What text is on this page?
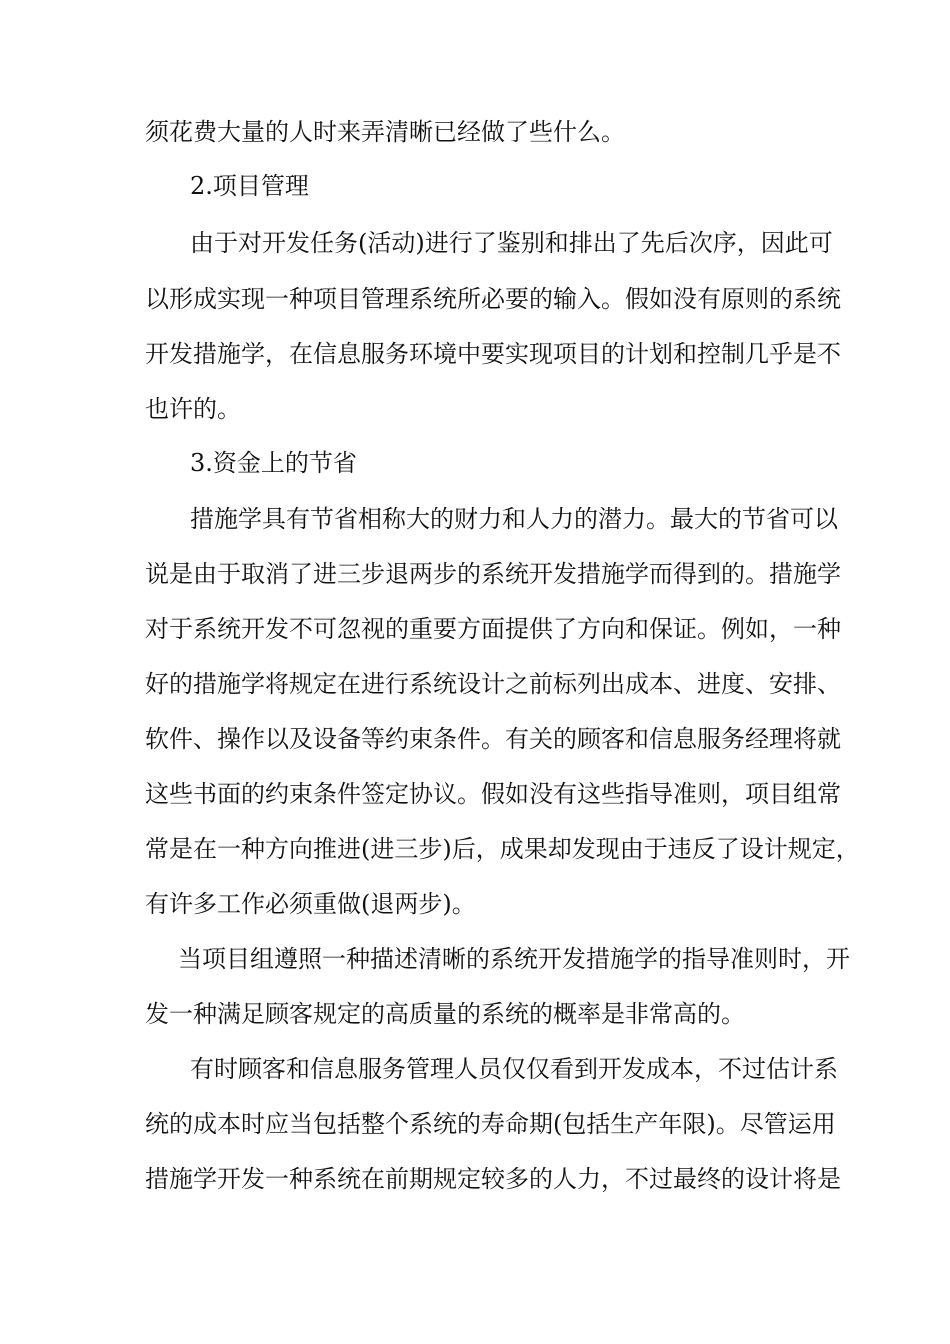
须花费大量的人时来弄清晰已经做了些什么。
2.项目管理
由于对开发任务(活动)进行了鉴别和排出了先后次序，因此可
以形成实现一种项目管理系统所必要的输入。假如没有原则的系统
开发措施学，在信息服务环境中要实现项目的计划和控制几乎是不
也许的。
3.资金上的节省
措施学具有节省相称大的财力和人力的潜力。最大的节省可以
说是由于取消了进三步退两步的系统开发措施学而得到的。措施学
对于系统开发不可忽视的重要方面提供了方向和保证。例如，一种
好的措施学将规定在进行系统设计之前标列出成本、进度、安排、
软件、操作以及设备等约束条件。有关的顾客和信息服务经理将就
这些书面的约束条件签定协议。假如没有这些指导准则，项目组常
常是在一种方向推进(进三步)后，成果却发现由于违反了设计规定，
有许多工作必须重做(退两步)。
当项目组遵照一种描述清晰的系统开发措施学的指导准则时，开
发一种满足顾客规定的高质量的系统的概率是非常高的。
有时顾客和信息服务管理人员仅仅看到开发成本，不过估计系
统的成本时应当包括整个系统的寿命期(包括生产年限)。尽管运用
措施学开发一种系统在前期规定较多的人力，不过最终的设计将是
